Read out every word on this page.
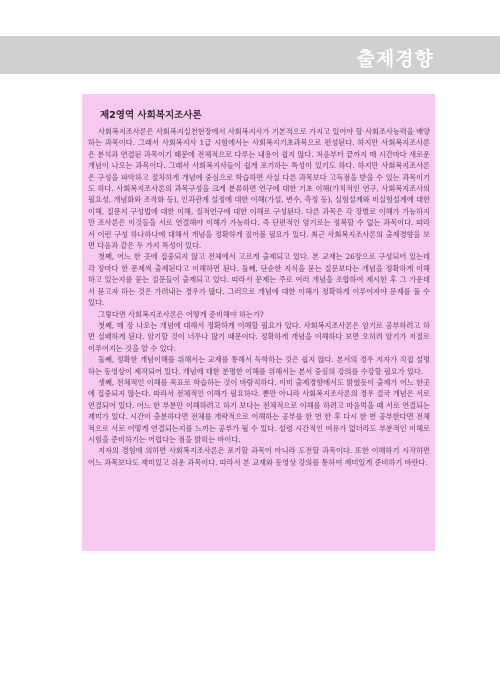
출제경향
제2영역 사회복지조사론

사회복지조사론은 사회복지실천현장에서 사회복지사가 기본적으로 가지고 있어야 할 사회조사능력을 배양하는 과목이다. 그래서 사회복지사 1급 시험에서는 사회복지기초과목으로 편성된다. 하지만 사회복지조사론은 분석과 연결된 과목이기 때문에 전체적으로 다루는 내용이 쉽지 않다. 처음부터 끝까지 매 시간마다 새로운 개념이 나오는 과목이다. 그래서 사회복지사들이 쉽게 포기하는 특성이 있기도 하다. 하지만 사회복지조사론은 구성을 파악하고 절차하게 개념에 중심으로 학습하면 사실 다른 과목보다 고득점을 받을 수 있는 과목이기도 하다. 사회복지조사론의 과목구성을 크게 분류하면 연구에 대한 기초 이해(가치적인 연구, 사회복지조사의 필요성, 개념화와 조작화 등), 인과관계 설정에 대한 이해(가설, 변수, 측정 등), 실험설계와 비실험설계에 대한 이해, 질문지 구성법에 대한 이해, 질적연구에 대한 이해로 구성된다. 다른 과목은 각 장별로 이해가 가능하지만 조사론은 이것들을 서로 연결해야 이해가 가능하다. 즉 단편적인 암기로는 정복할 수 없는 과목이다. 따라서 이런 구성 하나하나에 대해서 개념을 정확하게 짚어볼 필요가 있다. 최근 사회복지조사론의 출제경향을 보면 다음과 같은 두 가지 특성이 있다.

첫째, 어느 한 곳에 집중되지 않고 전체에서 고르게 출제되고 있다. 본 교재는 26장으로 구성되어 있는데 각 장마다 한 문제씩 출제된다고 이해하면 된다. 둘째, 단순한 지식을 묻는 질문보다는 개념을 정확하게 이해하고 있는지를 묻는 질문들이 출제되고 있다. 따라서 문제는 주로 여러 개념을 조합하여 제시한 후 그 가운데서 묻고자 하는 것은 가려내는 경우가 많다. 그러므로 개념에 대한 이해가 정확하게 이루어져야 문제를 풀 수 있다.

그렇다면 사회복지조사론은 어떻게 준비해야 하는가?

첫째, 매 장 나오는 개념에 대해서 정확하게 이해할 필요가 있다. 사회복지조사론은 암기로 공부하려고 하면 실패하게 된다. 암기할 것이 너무나 많기 때문이다. 정확하게 개념을 이해하다 보면 오히려 암기가 저절로 이루어지는 것을 알 수 있다.

둘째, 정확한 개념이해를 위해서는 교재를 통해서 독학하는 것은 쉽지 않다. 본서의 경우 저자가 직접 설명하는 동영상이 제작되어 있다. 개념에 대한 분명한 이해를 위해서는 본서 중심의 강의를 수강할 필요가 있다.

셋째, 전체적인 이해를 목표로 학습하는 것이 바람직하다. 이미 출제경향에서도 밝혔듯이 출제가 어느 한곳에 집중되지 않는다. 따라서 전체적인 이해가 필요하다. 뿐만 아니라 사회복지조사론의 경우 결국 개념은 서로 연결되어 있다. 어느 한 부분만 이해하려고 하기 보다는 전체적으로 이해를 하려고 마음먹을 때 서로 연결되는 재미가 있다. 시간이 충분하다면 전체를 개략적으로 이해하는 공부를 한 번 한 후 다시 한 번 공부한다면 전체적으로 서로 어떻게 연결되는지를 느끼는 공부가 될 수 있다. 설령 시간적인 여유가 없더라도 부분적인 이해로 시험을 준비하기는 어렵다는 점을 밝히는 바이다.

저자의 경험에 의하면 사회복지조사론은 포기할 과목이 아니라 도전할 과목이다. 또한 이해하기 시작하면 어느 과목보다도 재미있고 쉬운 과목이다. 따라서 본 교재와 동영상 강의를 통하여 재미있게 준비하기 바란다.
